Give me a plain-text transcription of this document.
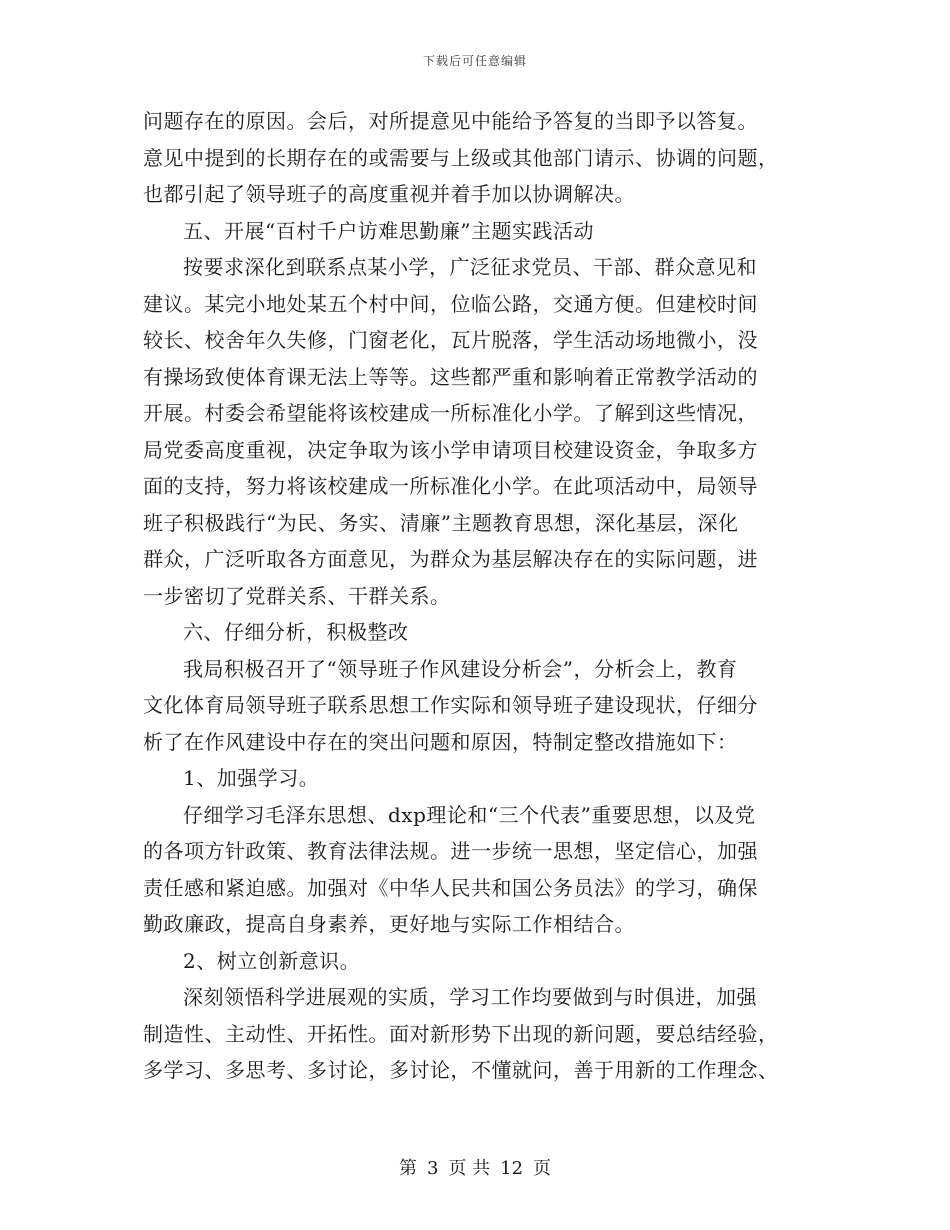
下载后可任意编辑
问题存在的原因。会后，对所提意见中能给予答复的当即予以答复。
意见中提到的长期存在的或需要与上级或其他部门请示、协调的问题，
也都引起了领导班子的高度重视并着手加以协调解决。
五、开展“百村千户访难思勤廉”主题实践活动
按要求深化到联系点某小学，广泛征求党员、干部、群众意见和
建议。某完小地处某五个村中间，位临公路，交通方便。但建校时间
较长、校舍年久失修，门窗老化，瓦片脱落，学生活动场地微小，没
有操场致使体育课无法上等等。这些都严重和影响着正常教学活动的
开展。村委会希望能将该校建成一所标准化小学。了解到这些情况，
局党委高度重视，决定争取为该小学申请项目校建设资金，争取多方
面的支持，努力将该校建成一所标准化小学。在此项活动中，局领导
班子积极践行“为民、务实、清廉”主题教育思想，深化基层，深化
群众，广泛听取各方面意见，为群众为基层解决存在的实际问题，进
一步密切了党群关系、干群关系。
六、仔细分析，积极整改
我局积极召开了“领导班子作风建设分析会”，分析会上，教育
文化体育局领导班子联系思想工作实际和领导班子建设现状，仔细分
析了在作风建设中存在的突出问题和原因，特制定整改措施如下：
1、加强学习。
仔细学习毛泽东思想、dxp理论和“三个代表”重要思想，以及党
的各项方针政策、教育法律法规。进一步统一思想，坚定信心，加强
责任感和紧迫感。加强对《中华人民共和国公务员法》的学习，确保
勤政廉政，提高自身素养，更好地与实际工作相结合。
2、树立创新意识。
深刻领悟科学进展观的实质，学习工作均要做到与时俱进，加强
制造性、主动性、开拓性。面对新形势下出现的新问题，要总结经验，
多学习、多思考、多讨论，多讨论，不懂就问，善于用新的工作理念、
第 3 页 共 12 页
